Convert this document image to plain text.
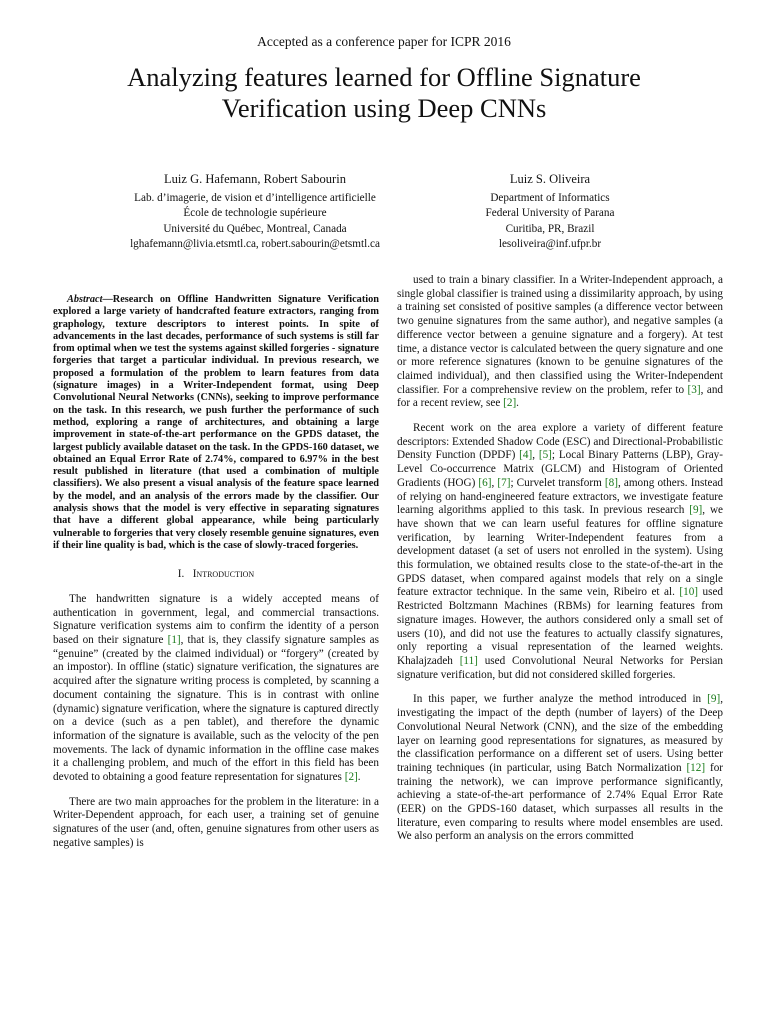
Accepted as a conference paper for ICPR 2016
Analyzing features learned for Offline Signature
Verification using Deep CNNs
Luiz G. Hafemann, Robert Sabourin
Lab. d’imagerie, de vision et d’intelligence artificielle
École de technologie supérieure
Université du Québec, Montreal, Canada
lghafemann@livia.etsmtl.ca, robert.sabourin@etsmtl.ca
Luiz S. Oliveira
Department of Informatics
Federal University of Parana
Curitiba, PR, Brazil
lesoliveira@inf.ufpr.br
Abstract—Research on Offline Handwritten Signature Verification explored a large variety of handcrafted feature extractors, ranging from graphology, texture descriptors to interest points. In spite of advancements in the last decades, performance of such systems is still far from optimal when we test the systems against skilled forgeries - signature forgeries that target a particular individual. In previous research, we proposed a formulation of the problem to learn features from data (signature images) in a Writer-Independent format, using Deep Convolutional Neural Networks (CNNs), seeking to improve performance on the task. In this research, we push further the performance of such method, exploring a range of architectures, and obtaining a large improvement in state-of-the-art performance on the GPDS dataset, the largest publicly available dataset on the task. In the GPDS-160 dataset, we obtained an Equal Error Rate of 2.74%, compared to 6.97% in the best result published in literature (that used a combination of multiple classifiers). We also present a visual analysis of the feature space learned by the model, and an analysis of the errors made by the classifier. Our analysis shows that the model is very effective in separating signatures that have a different global appearance, while being particularly vulnerable to forgeries that very closely resemble genuine signatures, even if their line quality is bad, which is the case of slowly-traced forgeries.
I. Introduction

The handwritten signature is a widely accepted means of authentication in government, legal, and commercial transactions. Signature verification systems aim to confirm the identity of a person based on their signature [1], that is, they classify signature samples as “genuine” (created by the claimed individual) or “forgery” (created by an impostor). In offline (static) signature verification, the signatures are acquired after the signature writing process is completed, by scanning a document containing the signature. This is in contrast with online (dynamic) signature verification, where the signature is captured directly on a device (such as a pen tablet), and therefore the dynamic information of the signature is available, such as the velocity of the pen movements. The lack of dynamic information in the offline case makes it a challenging problem, and much of the effort in this field has been devoted to obtaining a good feature representation for signatures [2].

There are two main approaches for the problem in the literature: in a Writer-Dependent approach, for each user, a training set of genuine signatures of the user (and, often, genuine signatures from other users as negative samples) is

used to train a binary classifier. In a Writer-Independent approach, a single global classifier is trained using a dissimilarity approach, by using a training set consisted of positive samples (a difference vector between two genuine signatures from the same author), and negative samples (a difference vector between a genuine signature and a forgery). At test time, a distance vector is calculated between the query signature and one or more reference signatures (known to be genuine signatures of the claimed individual), and then classified using the Writer-Independent classifier. For a comprehensive review on the problem, refer to [3], and for a recent review, see [2].

Recent work on the area explore a variety of different feature descriptors: Extended Shadow Code (ESC) and Directional-Probabilistic Density Function (DPDF) [4], [5]; Local Binary Patterns (LBP), Gray-Level Co-occurrence Matrix (GLCM) and Histogram of Oriented Gradients (HOG) [6], [7]; Curvelet transform [8], among others. Instead of relying on hand-engineered feature extractors, we investigate feature learning algorithms applied to this task. In previous research [9], we have shown that we can learn useful features for offline signature verification, by learning Writer-Independent features from a development dataset (a set of users not enrolled in the system). Using this formulation, we obtained results close to the state-of-the-art in the GPDS dataset, when compared against models that rely on a single feature extractor technique. In the same vein, Ribeiro et al. [10] used Restricted Boltzmann Machines (RBMs) for learning features from signature images. However, the authors considered only a small set of users (10), and did not use the features to actually classify signatures, only reporting a visual representation of the learned weights. Khalajzadeh [11] used Convolutional Neural Networks for Persian signature verification, but did not considered skilled forgeries.

In this paper, we further analyze the method introduced in [9], investigating the impact of the depth (number of layers) of the Deep Convolutional Neural Network (CNN), and the size of the embedding layer on learning good representations for signatures, as measured by the classification performance on a different set of users. Using better training techniques (in particular, using Batch Normalization [12] for training the network), we can improve performance significantly, achieving a state-of-the-art performance of 2.74% Equal Error Rate (EER) on the GPDS-160 dataset, which surpasses all results in the literature, even comparing to results where model ensembles are used. We also perform an analysis on the errors committed
